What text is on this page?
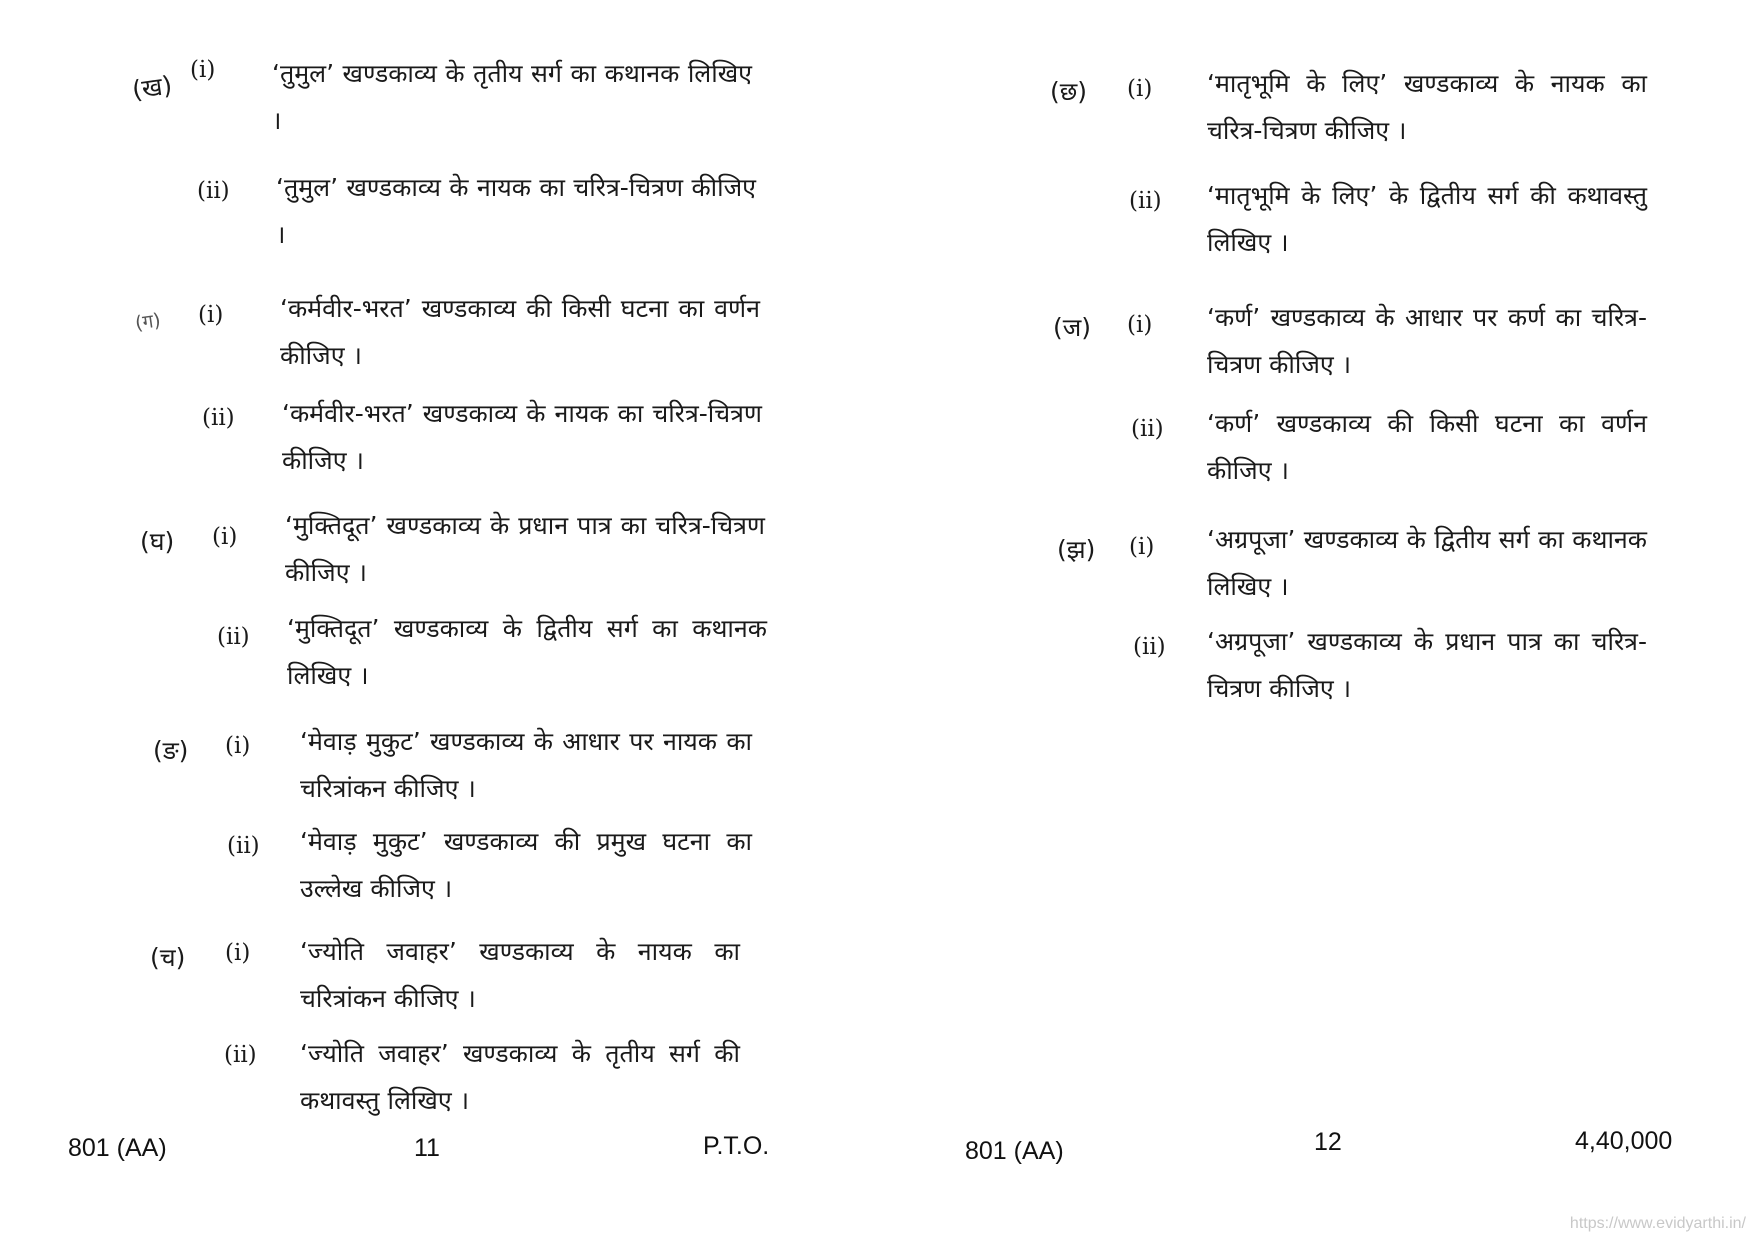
(ख)
(i) ‘तुमुल’ खण्डकाव्य के तृतीय सर्ग का कथानक लिखिए ।
(ii) ‘तुमुल’ खण्डकाव्य के नायक का चरित्र-चित्रण कीजिए ।
(ग) (i) ‘कर्मवीर-भरत’ खण्डकाव्य की किसी घटना का वर्णन कीजिए ।
(ii) ‘कर्मवीर-भरत’ खण्डकाव्य के नायक का चरित्र-चित्रण कीजिए ।
(घ) (i) ‘मुक्तिदूत’ खण्डकाव्य के प्रधान पात्र का चरित्र-चित्रण कीजिए ।
(ii) ‘मुक्तिदूत’ खण्डकाव्य के द्वितीय सर्ग का कथानक लिखिए ।
(ङ) (i) ‘मेवाड़ मुकुट’ खण्डकाव्य के आधार पर नायक का चरित्रांकन कीजिए ।
(ii) ‘मेवाड़ मुकुट’ खण्डकाव्य की प्रमुख घटना का उल्लेख कीजिए ।
(च) (i) ‘ज्योति जवाहर’ खण्डकाव्य के नायक का चरित्रांकन कीजिए ।
(ii) ‘ज्योति जवाहर’ खण्डकाव्य के तृतीय सर्ग की कथावस्तु लिखिए ।
801 (AA)	11	P.T.O.
(छ) (i) ‘मातृभूमि के लिए’ खण्डकाव्य के नायक का चरित्र-चित्रण कीजिए ।
(ii) ‘मातृभूमि के लिए’ के द्वितीय सर्ग की कथावस्तु लिखिए ।
(ज) (i) ‘कर्ण’ खण्डकाव्य के आधार पर कर्ण का चरित्र-चित्रण कीजिए ।
(ii) ‘कर्ण’ खण्डकाव्य की किसी घटना का वर्णन कीजिए ।
(झ) (i) ‘अग्रपूजा’ खण्डकाव्य के द्वितीय सर्ग का कथानक लिखिए ।
(ii) ‘अग्रपूजा’ खण्डकाव्य के प्रधान पात्र का चरित्र-चित्रण कीजिए ।
801 (AA)	12	4,40,000
https://www.evidyarthi.in/
